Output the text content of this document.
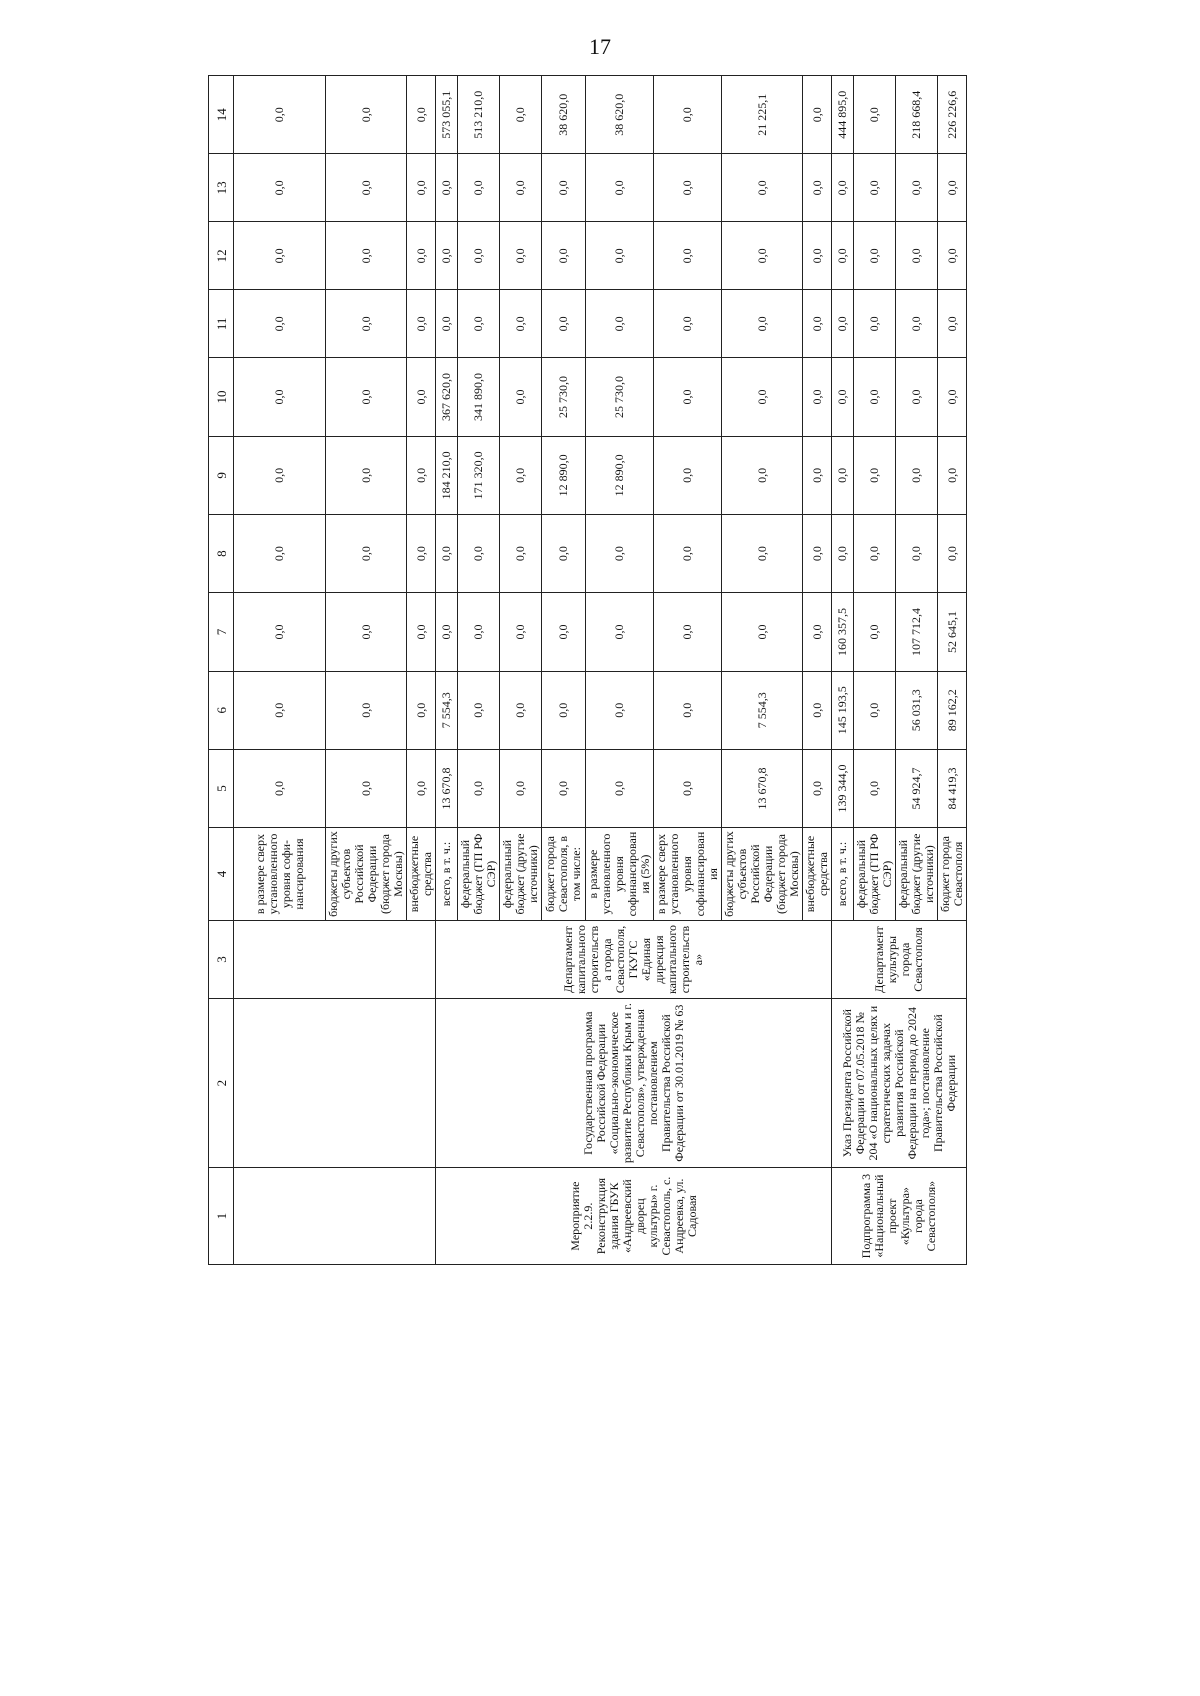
17
1	2	3	4	5	6	7	8	9	10	11	12	13	14
			в размере сверх установленного уровня софи-нансирования	0,0	0,0	0,0	0,0	0,0	0,0	0,0	0,0	0,0	0,0
			бюджеты других субъектов Российской Федерации (бюджет города Москвы)	0,0	0,0	0,0	0,0	0,0	0,0	0,0	0,0	0,0	0,0
			внебюджетные средства	0,0	0,0	0,0	0,0	0,0	0,0	0,0	0,0	0,0	0,0
Мероприятие 2.2.9. Реконструкция здания ГБУК «Андреевский дворец культуры» г. Севастополь, с. Андреевка, ул. Садовая	Государственная программа Российской Федерации «Социально-экономическое развитие Республики Крым и г. Севастополя», утвержденная постановлением Правительства Российской Федерации от 30.01.2019 № 63	Департамент капитального строительства города Севастополя, ГКУГС «Единая дирекция капитального строительства»	всего, в т. ч.:	13 670,8	7 554,3	0,0	0,0	184 210,0	367 620,0	0,0	0,0	0,0	573 055,1
			федеральный бюджет (ГП РФ СЭР)	0,0	0,0	0,0	0,0	171 320,0	341 890,0	0,0	0,0	0,0	513 210,0
			федеральный бюджет (другие источники)	0,0	0,0	0,0	0,0	0,0	0,0	0,0	0,0	0,0	0,0
			бюджет города Севастополя, в том числе:	0,0	0,0	0,0	0,0	12 890,0	25 730,0	0,0	0,0	0,0	38 620,0
			в размере установленного уровня софинансирования (5%)	0,0	0,0	0,0	0,0	12 890,0	25 730,0	0,0	0,0	0,0	38 620,0
			в размере сверх установленного уровня софинансирования	0,0	0,0	0,0	0,0	0,0	0,0	0,0	0,0	0,0	0,0
			бюджеты других субъектов Российской Федерации (бюджет города Москвы)	13 670,8	7 554,3	0,0	0,0	0,0	0,0	0,0	0,0	0,0	21 225,1
			внебюджетные средства	0,0	0,0	0,0	0,0	0,0	0,0	0,0	0,0	0,0	0,0
Подпрограмма 3 «Национальный проект «Культура» города Севастополя»	Указ Президента Российской Федерации от 07.05.2018 № 204 «О национальных целях и стратегических задачах развития Российской Федерации на период до 2024 года»; постановление Правительства Российской Федерации	Департамент культуры города Севастополя	всего, в т. ч.:	139 344,0	145 193,5	160 357,5	0,0	0,0	0,0	0,0	0,0	0,0	444 895,0
			федеральный бюджет (ГП РФ СЭР)	0,0	0,0	0,0	0,0	0,0	0,0	0,0	0,0	0,0	0,0
			федеральный бюджет (другие источники)	54 924,7	56 031,3	107 712,4	0,0	0,0	0,0	0,0	0,0	0,0	218 668,4
			бюджет города Севастополя	84 419,3	89 162,2	52 645,1	0,0	0,0	0,0	0,0	0,0	0,0	226 226,6
